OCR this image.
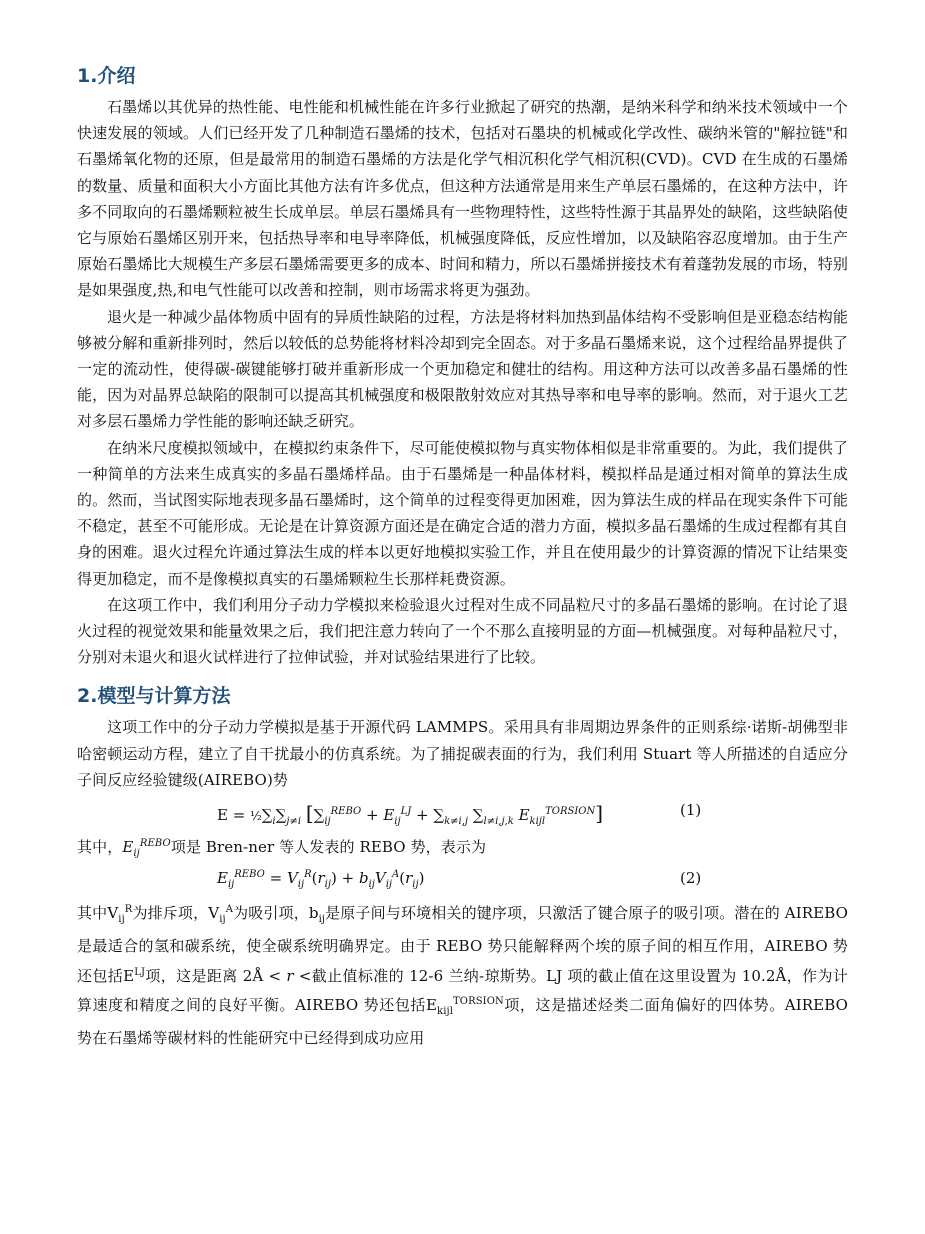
1.介绍

石墨烯以其优异的热性能、电性能和机械性能在许多行业掀起了研究的热潮，是纳米科学和纳米技术领域中一个快速发展的领域。人们已经开发了几种制造石墨烯的技术，包括对石墨块的机械或化学改性、碳纳米管的"解拉链"和石墨烯氧化物的还原，但是最常用的制造石墨烯的方法是化学气相沉积化学气相沉积(CVD)。CVD 在生成的石墨烯的数量、质量和面积大小方面比其他方法有许多优点，但这种方法通常是用来生产单层石墨烯的，在这种方法中，许多不同取向的石墨烯颗粒被生长成单层。单层石墨烯具有一些物理特性，这些特性源于其晶界处的缺陷，这些缺陷使它与原始石墨烯区别开来，包括热导率和电导率降低，机械强度降低，反应性增加，以及缺陷容忍度增加。由于生产原始石墨烯比大规模生产多层石墨烯需要更多的成本、时间和精力，所以石墨烯拼接技术有着蓬勃发展的市场，特别是如果强度,热,和电气性能可以改善和控制，则市场需求将更为强劲。

退火是一种减少晶体物质中固有的异质性缺陷的过程，方法是将材料加热到晶体结构不受影响但是亚稳态结构能够被分解和重新排列时，然后以较低的总势能将材料冷却到完全固态。对于多晶石墨烯来说，这个过程给晶界提供了一定的流动性，使得碳-碳键能够打破并重新形成一个更加稳定和健壮的结构。用这种方法可以改善多晶石墨烯的性能，因为对晶界总缺陷的限制可以提高其机械强度和极限散射效应对其热导率和电导率的影响。然而，对于退火工艺对多层石墨烯力学性能的影响还缺乏研究。

在纳米尺度模拟领域中，在模拟约束条件下，尽可能使模拟物与真实物体相似是非常重要的。为此，我们提供了一种简单的方法来生成真实的多晶石墨烯样品。由于石墨烯是一种晶体材料，模拟样品是通过相对简单的算法生成的。然而，当试图实际地表现多晶石墨烯时，这个简单的过程变得更加困难，因为算法生成的样品在现实条件下可能不稳定，甚至不可能形成。无论是在计算资源方面还是在确定合适的潜力方面，模拟多晶石墨烯的生成过程都有其自身的困难。退火过程允许通过算法生成的样本以更好地模拟实验工作，并且在使用最少的计算资源的情况下让结果变得更加稳定，而不是像模拟真实的石墨烯颗粒生长那样耗费资源。

在这项工作中，我们利用分子动力学模拟来检验退火过程对生成不同晶粒尺寸的多晶石墨烯的影响。在讨论了退火过程的视觉效果和能量效果之后，我们把注意力转向了一个不那么直接明显的方面—机械强度。对每种晶粒尺寸，分别对未退火和退火试样进行了拉伸试验，并对试验结果进行了比较。

2.模型与计算方法

这项工作中的分子动力学模拟是基于开源代码 LAMMPS。采用具有非周期边界条件的正则系综·诺斯-胡佛型非哈密顿运动方程，建立了自干扰最小的仿真系统。为了捕捉碳表面的行为，我们利用 Stuart 等人所描述的自适应分子间反应经验键级(AIREBO)势

$E = \frac{1}{2}\sum_i\sum_{j\ne i}$ [$\sum_{ij}^{REBO} + E_{ij}^{LJ} + \sum_{k\ne i,j}$ $\sum_{l\ne i,j,k}$ $E_{kijl}^{TORSION}$]	(1)

其中，$E_{ij}^{REBO}$项是 Bren-ner 等人发表的 REBO 势，表示为

$E_{ij}^{REBO} = V_{ij}^R(r_{ij}) + b_{ij}V_{ij}^A(r_{ij})$	(2)

其中$V_{ij}^R$为排斥项，$V_{ij}^A$为吸引项，$b_{ij}$是原子间与环境相关的键序项，只激活了键合原子的吸引项。潜在的 AIREBO 是最适合的氢和碳系统，使全碳系统明确界定。由于 REBO 势只能解释两个埃的原子间的相互作用，AIREBO 势还包括$E^{LJ}$项，这是距离 2Å < r <截止值标准的 12-6 兰纳-琼斯势。LJ 项的截止值在这里设置为 10.2Å，作为计算速度和精度之间的良好平衡。AIREBO 势还包括$E_{kijl}^{TORSION}$项，这是描述烃类二面角偏好的四体势。AIREBO 势在石墨烯等碳材料的性能研究中已经得到成功应用
